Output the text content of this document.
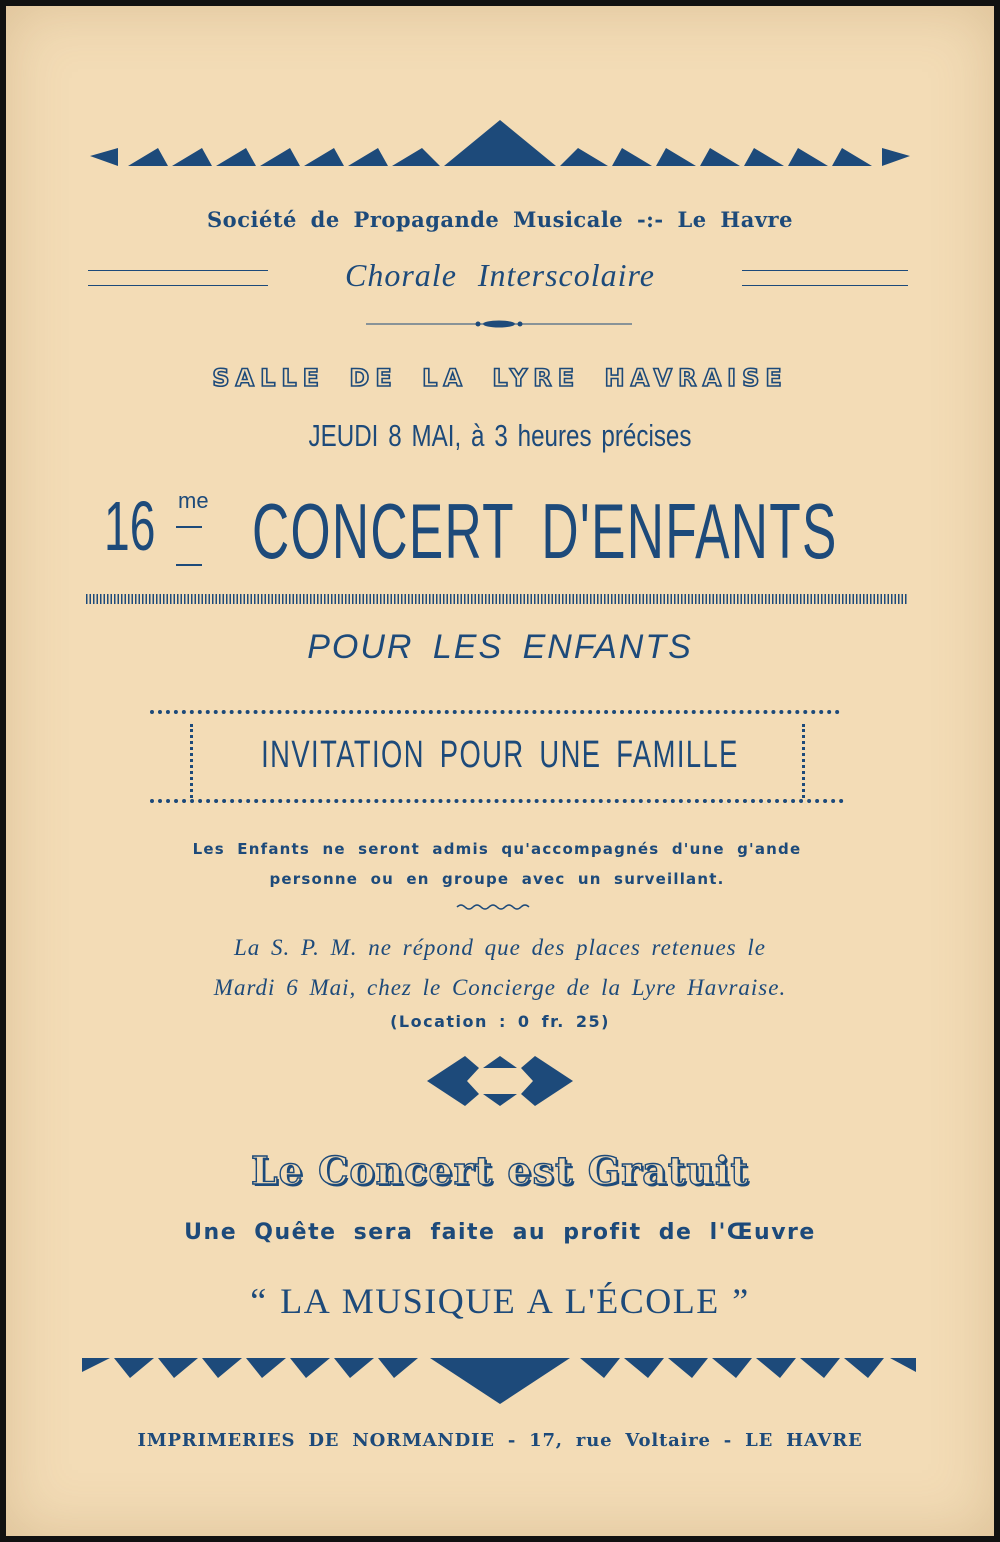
Société de Propagande Musicale -:- Le Havre
Chorale Interscolaire
SALLE DE LA LYRE HAVRAISE
JEUDI 8 MAI, à 3 heures précises
16 me CONCERT D'ENFANTS
POUR LES ENFANTS
INVITATION POUR UNE FAMILLE
Les Enfants ne seront admis qu'accompagnés d'une g'ande
personne ou en groupe avec un surveillant.
La S. P. M. ne répond que des places retenues le
Mardi 6 Mai, chez le Concierge de la Lyre Havraise.
(Location : 0 fr. 25)
Le Concert est Gratuit
Une Quête sera faite au profit de l'Œuvre
“ LA MUSIQUE A L'ÉCOLE ”
IMPRIMERIES DE NORMANDIE - 17, rue Voltaire - LE HAVRE
